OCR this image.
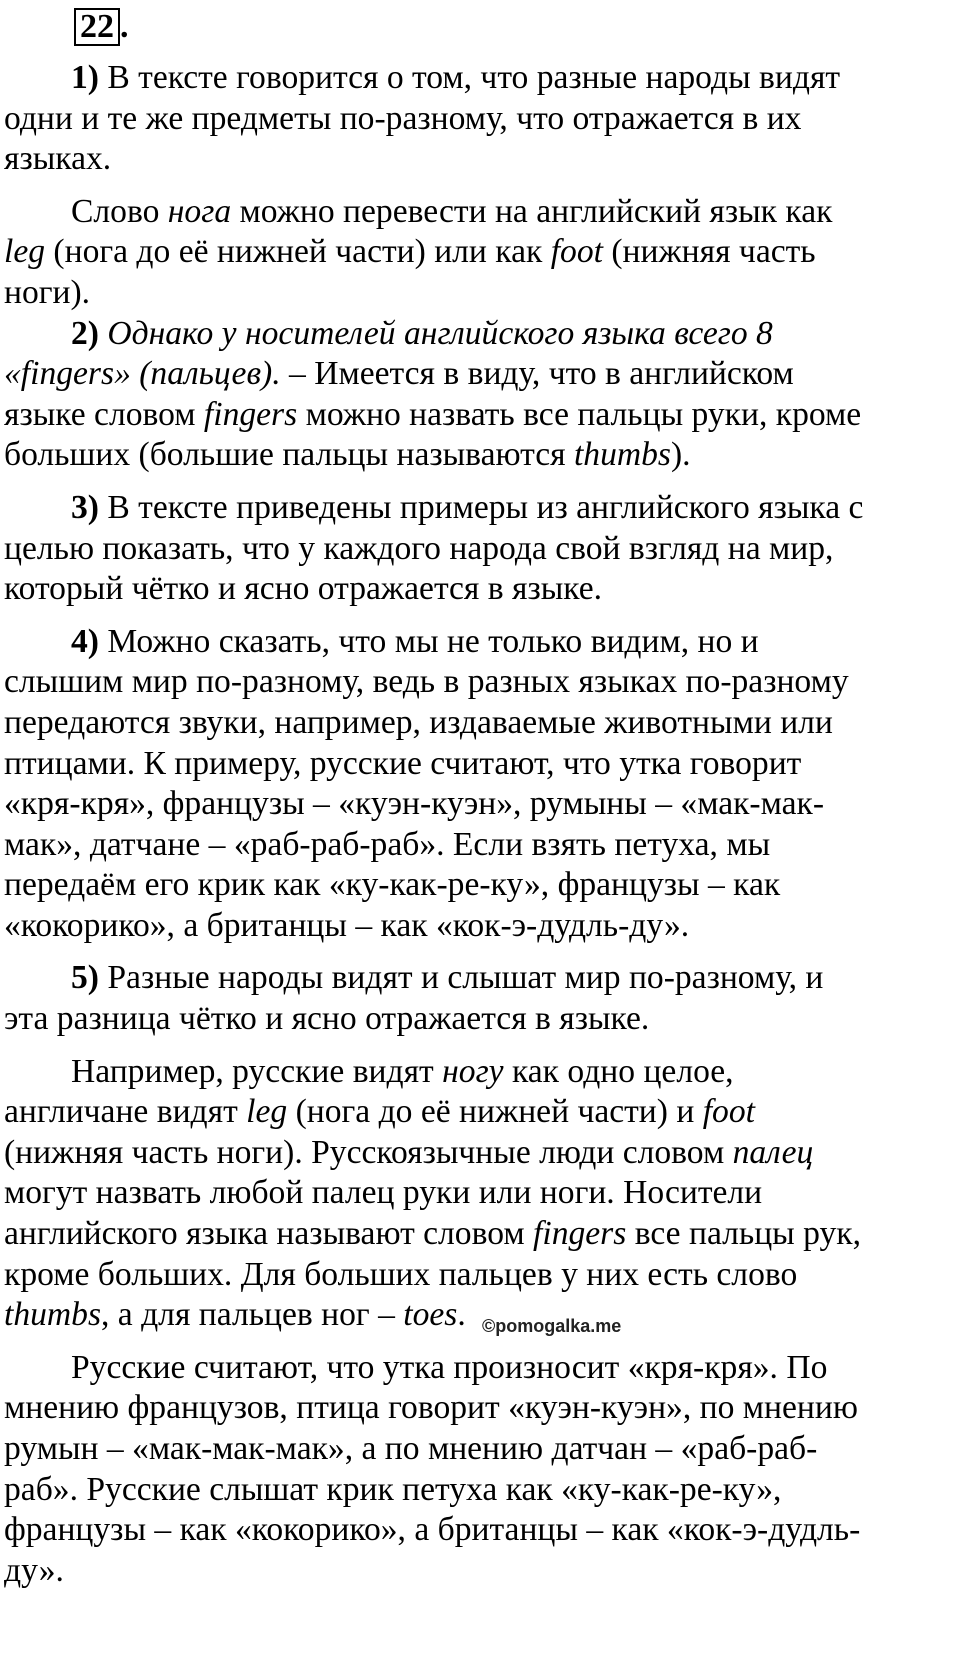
22 .

1) В тексте говорится о том, что разные народы видят
одни и те же предметы по-разному, что отражается в их
языках.

Слово нога можно перевести на английский язык как
leg (нога до её нижней части) или как foot (нижняя часть
ноги).

2) Однако у носителей английского языка всего 8
«fingers» (пальцев). – Имеется в виду, что в английском
языке словом fingers можно назвать все пальцы руки, кроме
больших (большие пальцы называются thumbs).

3) В тексте приведены примеры из английского языка с
целью показать, что у каждого народа свой взгляд на мир,
который чётко и ясно отражается в языке.

4) Можно сказать, что мы не только видим, но и
слышим мир по-разному, ведь в разных языках по-разному
передаются звуки, например, издаваемые животными или
птицами. К примеру, русские считают, что утка говорит
«кря-кря», французы – «куэн-куэн», румыны – «мак-мак-
мак», датчане – «раб-раб-раб». Если взять петуха, мы
передаём его крик как «ку-как-ре-ку», французы – как
«кокорико», а британцы – как «кок-э-дудль-ду».

5) Разные народы видят и слышат мир по-разному, и
эта разница чётко и ясно отражается в языке.

Например, русские видят ногу как одно целое,
англичане видят leg (нога до её нижней части) и foot
(нижняя часть ноги). Русскоязычные люди словом палец
могут назвать любой палец руки или ноги. Носители
английского языка называют словом fingers все пальцы рук,
кроме больших. Для больших пальцев у них есть слово
thumbs, а для пальцев ног – toes.

Русские считают, что утка произносит «кря-кря». По
мнению французов, птица говорит «куэн-куэн», по мнению
румын – «мак-мак-мак», а по мнению датчан – «раб-раб-
раб». Русские слышат крик петуха как «ку-как-ре-ку»,
французы – как «кокорико», а британцы – как «кок-э-дудль-
ду».

©pomogalka.me
